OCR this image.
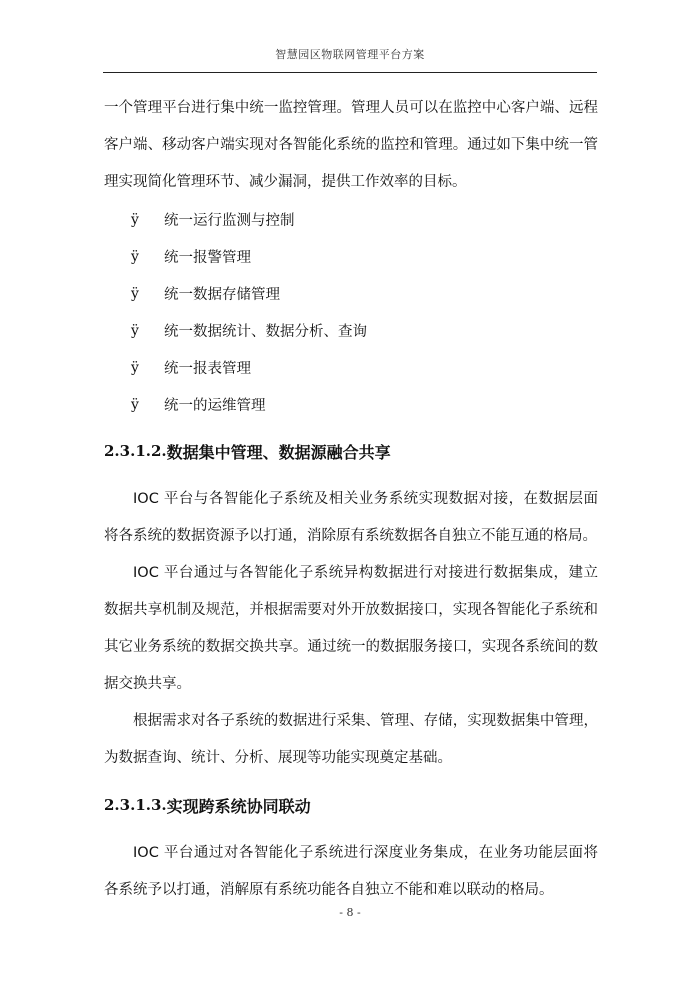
智慧园区物联网管理平台方案

一个管理平台进行集中统一监控管理。管理人员可以在监控中心客户端、远程客户端、移动客户端实现对各智能化系统的监控和管理。通过如下集中统一管理实现简化管理环节、减少漏洞，提供工作效率的目标。

ÿ	统一运行监测与控制
ÿ	统一报警管理
ÿ	统一数据存储管理
ÿ	统一数据统计、数据分析、查询
ÿ	统一报表管理
ÿ	统一的运维管理
2.3.1.2. 数据集中管理、数据源融合共享

IOC 平台与各智能化子系统及相关业务系统实现数据对接，在数据层面将各系统的数据资源予以打通，消除原有系统数据各自独立不能互通的格局。

IOC 平台通过与各智能化子系统异构数据进行对接进行数据集成，建立数据共享机制及规范，并根据需要对外开放数据接口，实现各智能化子系统和其它业务系统的数据交换共享。通过统一的数据服务接口，实现各系统间的数据交换共享。

根据需求对各子系统的数据进行采集、管理、存储，实现数据集中管理，为数据查询、统计、分析、展现等功能实现奠定基础。

2.3.1.3. 实现跨系统协同联动

IOC 平台通过对各智能化子系统进行深度业务集成，在业务功能层面将各系统予以打通，消解原有系统功能各自独立不能和难以联动的格局。

- 8 -
